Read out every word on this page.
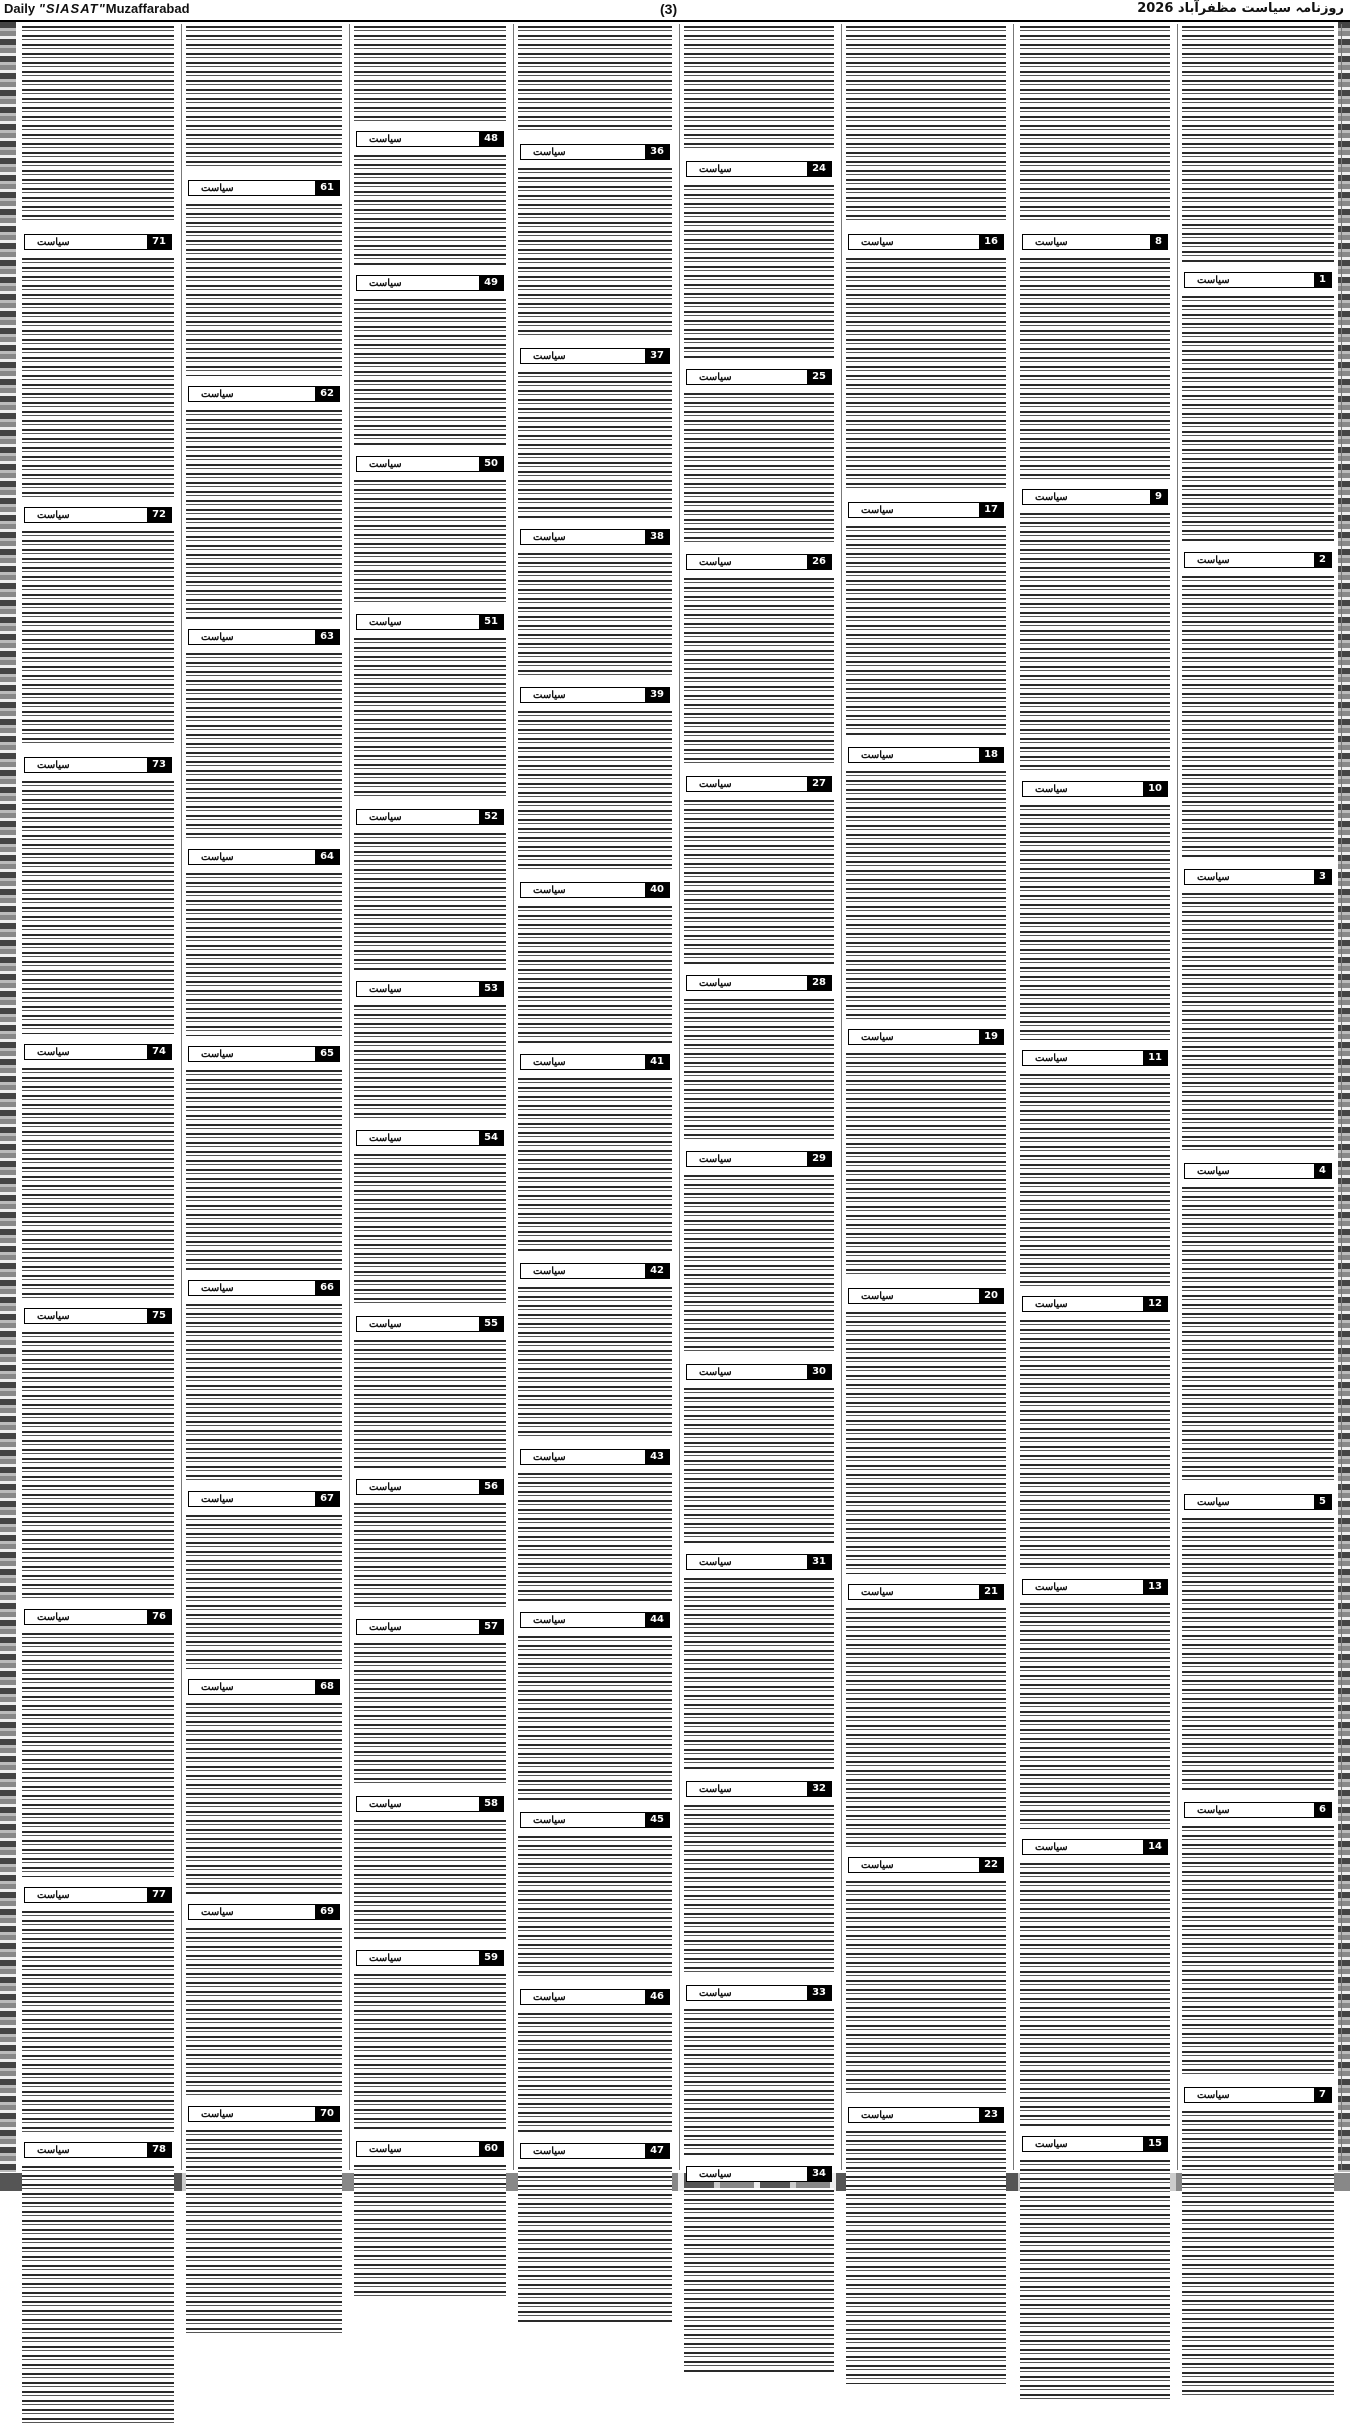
Daily "SIASAT"Muzaffarabad	(3)	روزنامہ سیاست مظفرآباد 2026
سیاست	1
سیاست	2
سیاست	3
سیاست	4
سیاست	5
سیاست	6
سیاست	7
سیاست	8
سیاست	9
سیاست	10
سیاست	11
سیاست	12
سیاست	13
سیاست	14
سیاست	15
سیاست	16
سیاست	17
سیاست	18
سیاست	19
سیاست	20
سیاست	21
سیاست	22
سیاست	23
سیاست	24
سیاست	25
سیاست	26
سیاست	27
سیاست	28
سیاست	29
سیاست	30
سیاست	31
سیاست	32
سیاست	33
سیاست	34
سیاست	36
سیاست	37
سیاست	38
سیاست	39
سیاست	40
سیاست	41
سیاست	42
سیاست	43
سیاست	44
سیاست	45
سیاست	46
سیاست	47
سیاست	48
سیاست	49
سیاست	50
سیاست	51
سیاست	52
سیاست	53
سیاست	54
سیاست	55
سیاست	56
سیاست	57
سیاست	58
سیاست	59
سیاست	60
سیاست	61
سیاست	62
سیاست	63
سیاست	64
سیاست	65
سیاست	66
سیاست	67
سیاست	68
سیاست	69
سیاست	70
سیاست	71
سیاست	72
سیاست	73
سیاست	74
سیاست	75
سیاست	76
سیاست	77
سیاست	78
